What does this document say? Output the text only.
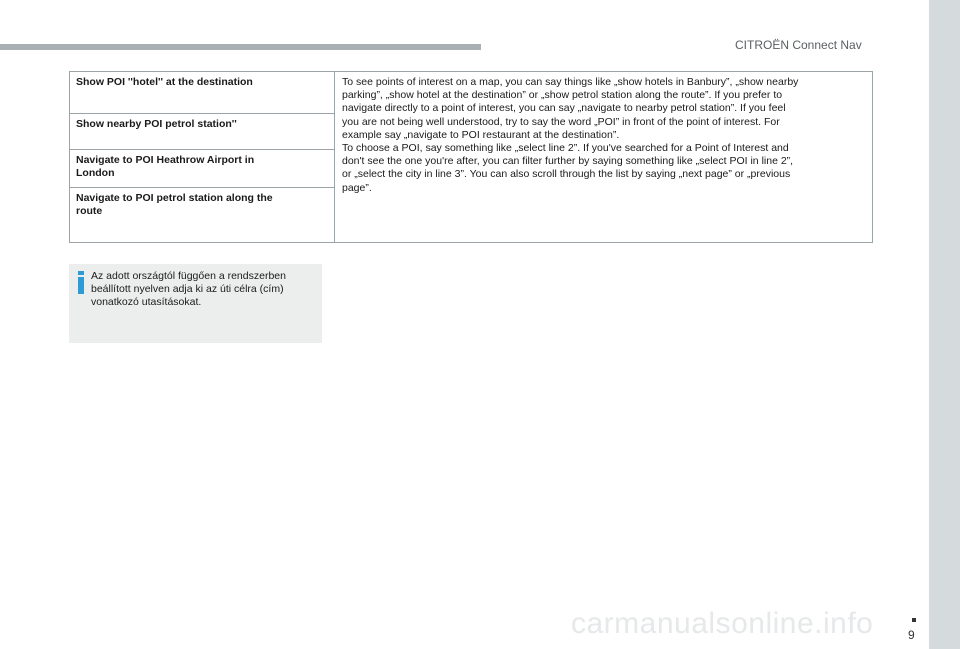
CITROËN Connect Nav
Show POI ''hotel'' at the destination
Show nearby POI petrol station''
Navigate to POI Heathrow Airport in
London
Navigate to POI petrol station along the
route
To see points of interest on a map, you can say things like „show hotels in Banbury”, „show nearby
parking”, „show hotel at the destination” or „show petrol station along the route”. If you prefer to
navigate directly to a point of interest, you can say „navigate to nearby petrol station”. If you feel
you are not being well understood, try to say the word „POI” in front of the point of interest. For
example say „navigate to POI restaurant at the destination”.
To choose a POI, say something like „select line 2”. If you've searched for a Point of Interest and
don't see the one you're after, you can filter further by saying something like „select POI in line 2”,
or „select the city in line 3”. You can also scroll through the list by saying „next page” or „previous
page”.
Az adott országtól függően a rendszerben
beállított nyelven adja ki az úti célra (cím)
vonatkozó utasításokat.
9
carmanualsonline.info
